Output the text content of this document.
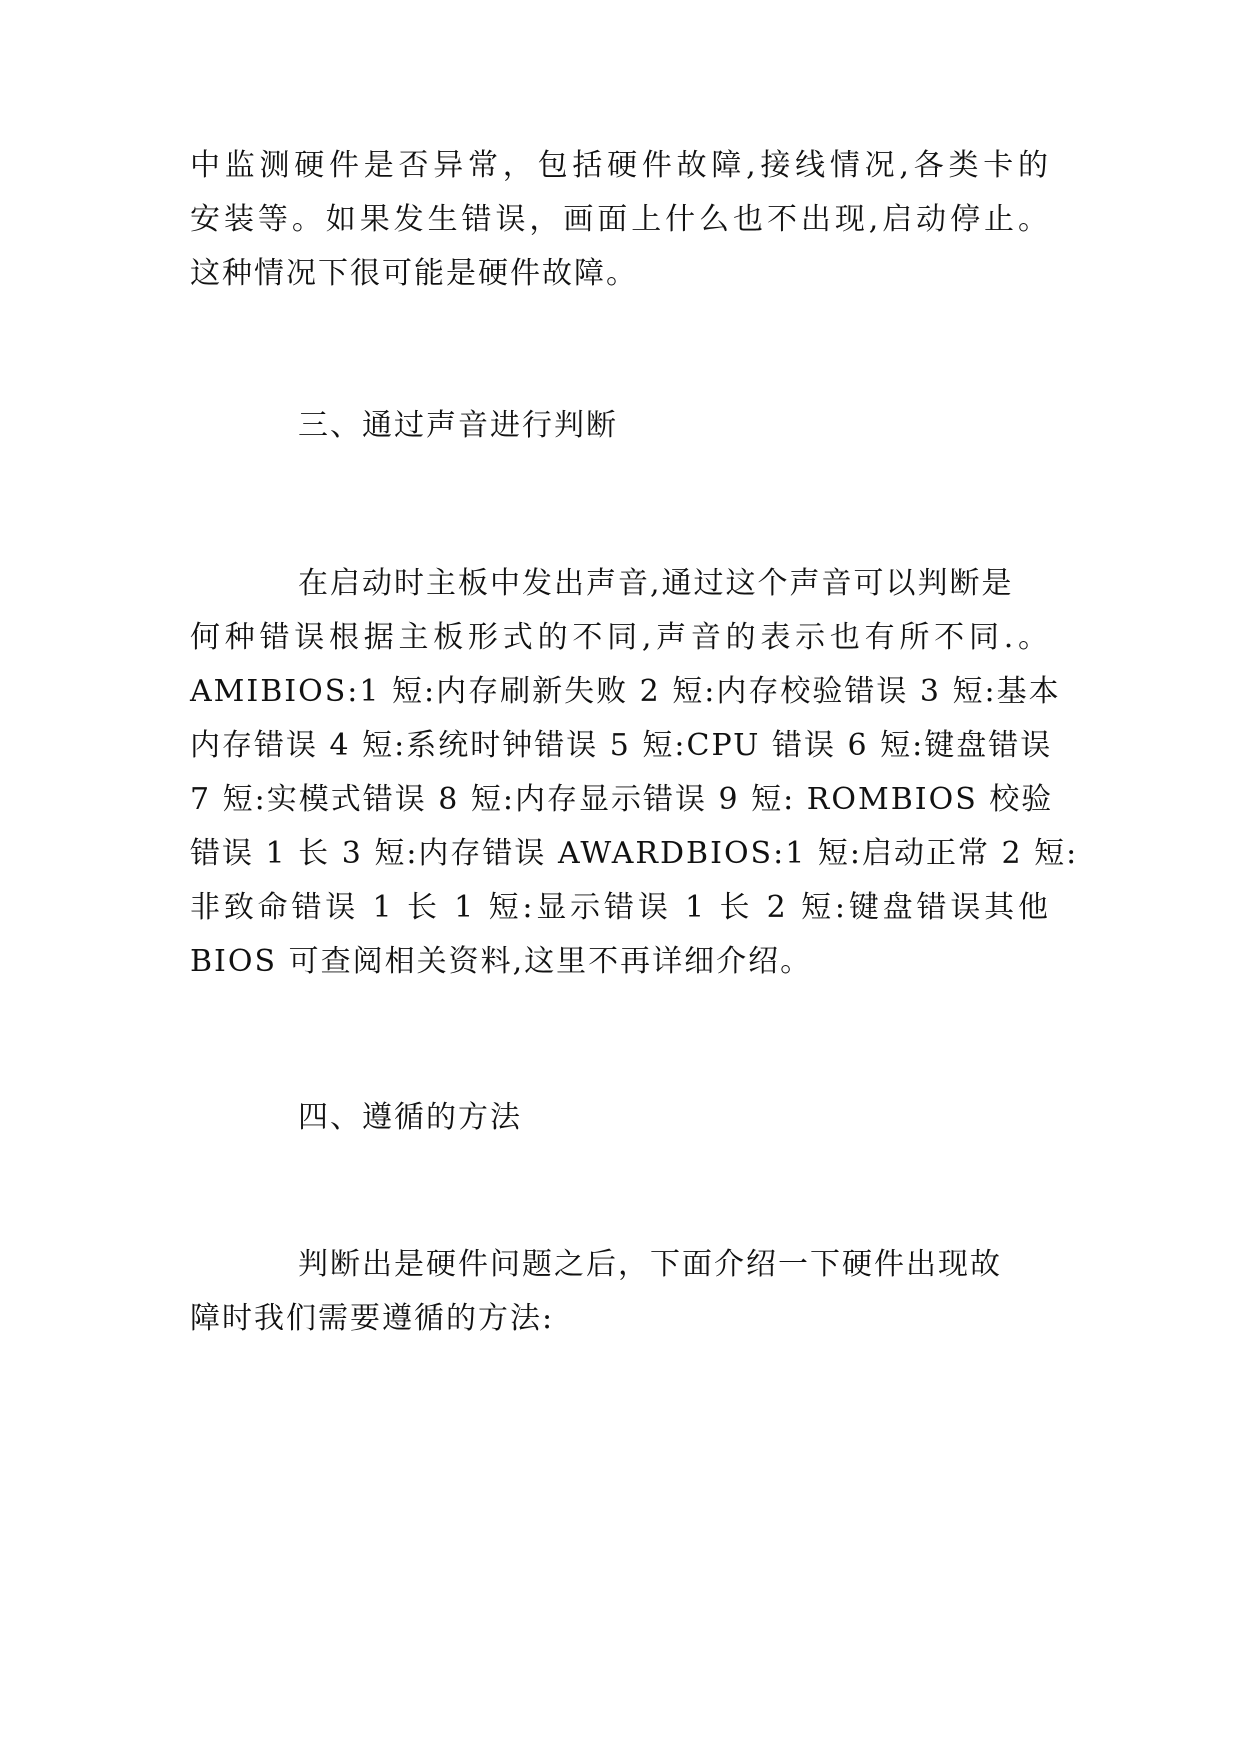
中监测硬件是否异常，包括硬件故障,接线情况,各类卡的
安装等。如果发生错误，画面上什么也不出现,启动停止。
这种情况下很可能是硬件故障。
三、通过声音进行判断
在启动时主板中发出声音,通过这个声音可以判断是
何种错误根据主板形式的不同,声音的表示也有所不同.。
AMIBIOS:1 短:内存刷新失败 2 短:内存校验错误 3 短:基本
内存错误 4 短:系统时钟错误 5 短:CPU 错误 6 短:键盘错误
7 短:实模式错误 8 短:内存显示错误 9 短: ROMBIOS 校验
错误 1 长 3 短:内存错误 AWARDBIOS:1 短:启动正常 2 短:
非致命错误 1 长 1 短:显示错误 1 长 2 短:键盘错误其他
BIOS 可查阅相关资料,这里不再详细介绍。
四、遵循的方法
判断出是硬件问题之后，下面介绍一下硬件出现故
障时我们需要遵循的方法:
